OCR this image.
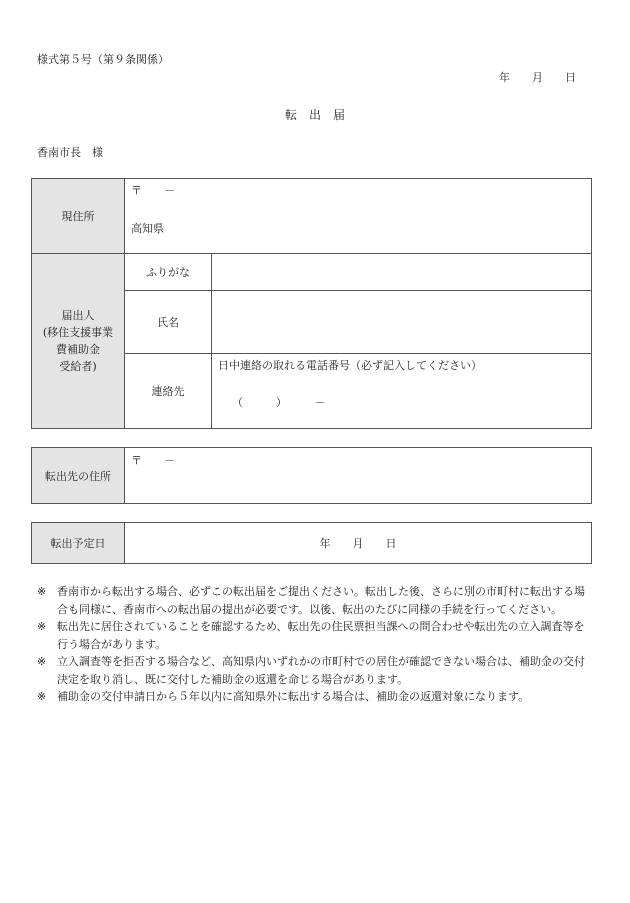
様式第５号（第９条関係）
年　　月　　日
転　出　届
香南市長　様
現住所
〒　　－
高知県
届出人
(移住支援事業
費補助金
受給者)
ふりがな
氏名
連絡先
日中連絡の取れる電話番号（必ず記入してください）
（　　　）　　　－
転出先の住所
〒　　－
転出予定日	年　　月　　日
※ 香南市から転出する場合、必ずこの転出届をご提出ください。転出した後、さらに別の市町村に転出する場合も同様に、香南市への転出届の提出が必要です。以後、転出のたびに同様の手続を行ってください。
※ 転出先に居住されていることを確認するため、転出先の住民票担当課への問合わせや転出先の立入調査等を行う場合があります。
※ 立入調査等を拒否する場合など、高知県内いずれかの市町村での居住が確認できない場合は、補助金の交付決定を取り消し、既に交付した補助金の返還を命じる場合があります。
※ 補助金の交付申請日から５年以内に高知県外に転出する場合は、補助金の返還対象になります。
